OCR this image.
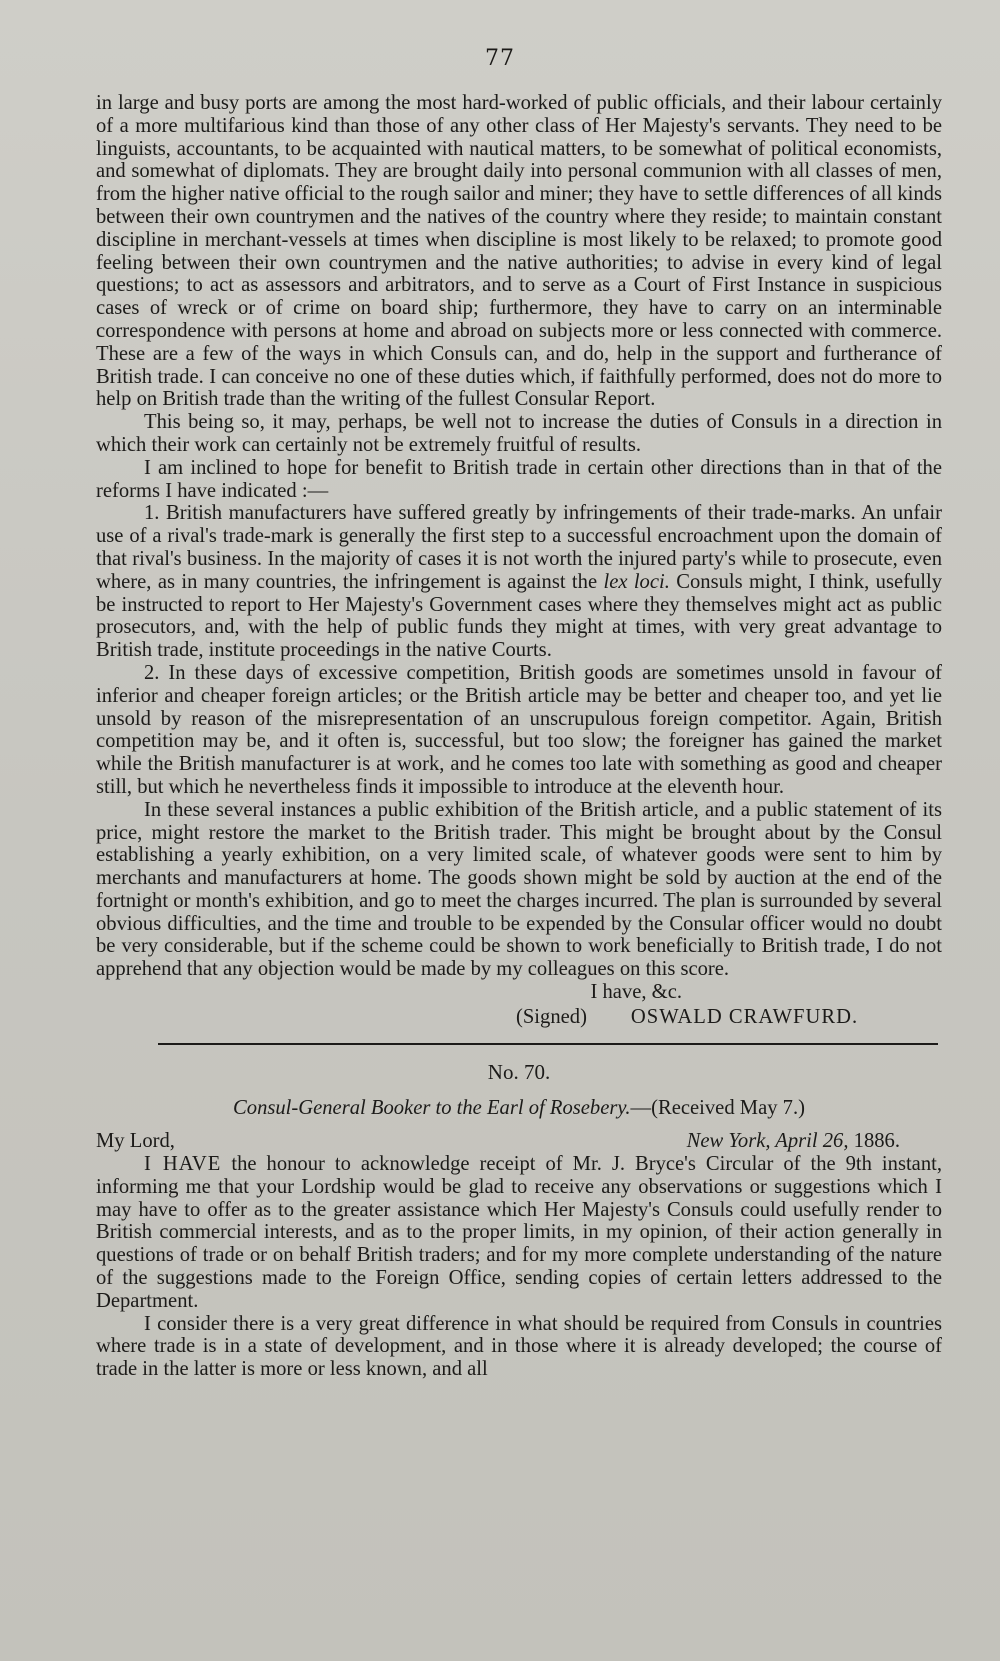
77

in large and busy ports are among the most hard-worked of public officials, and their labour certainly of a more multifarious kind than those of any other class of Her Majesty's servants. They need to be linguists, accountants, to be acquainted with nautical matters, to be somewhat of political economists, and somewhat of diplomats. They are brought daily into personal communion with all classes of men, from the higher native official to the rough sailor and miner; they have to settle differences of all kinds between their own countrymen and the natives of the country where they reside; to maintain constant discipline in merchant-vessels at times when discipline is most likely to be relaxed; to promote good feeling between their own countrymen and the native authorities; to advise in every kind of legal questions; to act as assessors and arbitrators, and to serve as a Court of First Instance in suspicious cases of wreck or of crime on board ship; furthermore, they have to carry on an interminable correspondence with persons at home and abroad on subjects more or less connected with commerce. These are a few of the ways in which Consuls can, and do, help in the support and furtherance of British trade. I can conceive no one of these duties which, if faithfully performed, does not do more to help on British trade than the writing of the fullest Consular Report.

This being so, it may, perhaps, be well not to increase the duties of Consuls in a direction in which their work can certainly not be extremely fruitful of results.

I am inclined to hope for benefit to British trade in certain other directions than in that of the reforms I have indicated :—

1. British manufacturers have suffered greatly by infringements of their trade-marks. An unfair use of a rival's trade-mark is generally the first step to a successful encroachment upon the domain of that rival's business. In the majority of cases it is not worth the injured party's while to prosecute, even where, as in many countries, the infringement is against the lex loci. Consuls might, I think, usefully be instructed to report to Her Majesty's Government cases where they themselves might act as public prosecutors, and, with the help of public funds they might at times, with very great advantage to British trade, institute proceedings in the native Courts.

2. In these days of excessive competition, British goods are sometimes unsold in favour of inferior and cheaper foreign articles; or the British article may be better and cheaper too, and yet lie unsold by reason of the misrepresentation of an unscrupulous foreign competitor. Again, British competition may be, and it often is, successful, but too slow; the foreigner has gained the market while the British manufacturer is at work, and he comes too late with something as good and cheaper still, but which he nevertheless finds it impossible to introduce at the eleventh hour.

In these several instances a public exhibition of the British article, and a public statement of its price, might restore the market to the British trader. This might be brought about by the Consul establishing a yearly exhibition, on a very limited scale, of whatever goods were sent to him by merchants and manufacturers at home. The goods shown might be sold by auction at the end of the fortnight or month's exhibition, and go to meet the charges incurred. The plan is surrounded by several obvious difficulties, and the time and trouble to be expended by the Consular officer would no doubt be very considerable, but if the scheme could be shown to work beneficially to British trade, I do not apprehend that any objection would be made by my colleagues on this score.

I have, &c.

(Signed) OSWALD CRAWFURD.
No. 70.
Consul-General Booker to the Earl of Rosebery.—(Received May 7.)
My Lord,	New York, April 26, 1886.

I HAVE the honour to acknowledge receipt of Mr. J. Bryce's Circular of the 9th instant, informing me that your Lordship would be glad to receive any observations or suggestions which I may have to offer as to the greater assistance which Her Majesty's Consuls could usefully render to British commercial interests, and as to the proper limits, in my opinion, of their action generally in questions of trade or on behalf British traders; and for my more complete understanding of the nature of the suggestions made to the Foreign Office, sending copies of certain letters addressed to the Department.

I consider there is a very great difference in what should be required from Consuls in countries where trade is in a state of development, and in those where it is already developed; the course of trade in the latter is more or less known, and all
